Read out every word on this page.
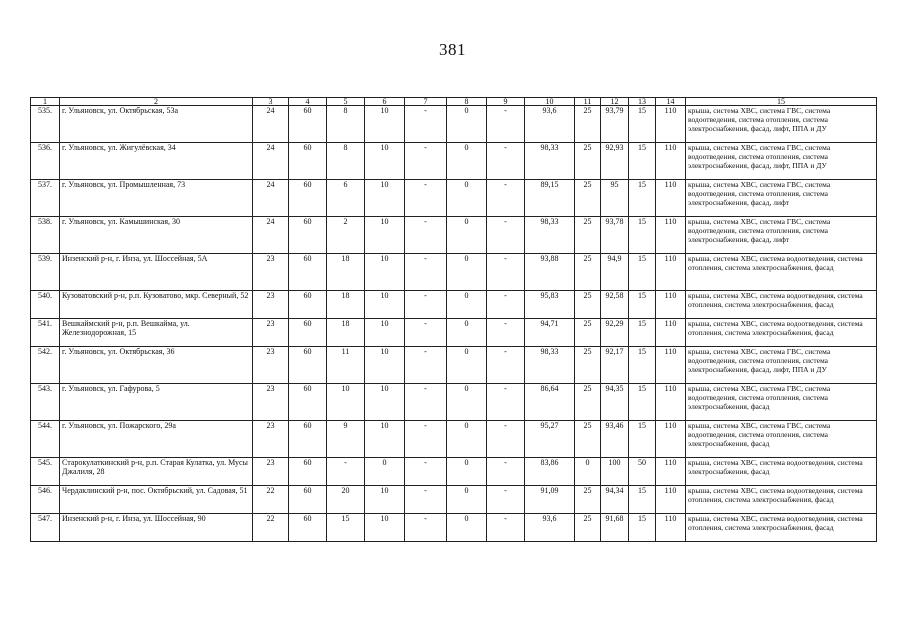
381
1	2	3	4	5	6	7	8	9	10	11	12	13	14	15
535.	г. Ульяновск, ул. Октябрьская, 53а	24	60	8	10	-	0	-	93,6	25	93,79	15	110	крыша, система ХВС, система ГВС, система водоотведения, система отопления, система электроснабжения, фасад, лифт, ППА и ДУ
536.	г. Ульяновск, ул. Жигулёвская, 34	24	60	8	10	-	0	-	98,33	25	92,93	15	110	крыша, система ХВС, система ГВС, система водоотведения, система отопления, система электроснабжения, фасад, лифт, ППА и ДУ
537.	г. Ульяновск, ул. Промышленная, 73	24	60	6	10	-	0	-	89,15	25	95	15	110	крыша, система ХВС, система ГВС, система водоотведения, система отопления, система электроснабжения, фасад, лифт
538.	г. Ульяновск, ул. Камышинская, 30	24	60	2	10	-	0	-	98,33	25	93,78	15	110	крыша, система ХВС, система ГВС, система водоотведения, система отопления, система электроснабжения, фасад, лифт
539.	Инзенский р-н, г. Инза, ул. Шоссейная, 5А	23	60	18	10	-	0	-	93,88	25	94,9	15	110	крыша, система ХВС, система водоотведения, система отопления, система электроснабжения, фасад
540.	Кузоватовский р-н, р.п. Кузоватово, мкр. Северный, 52	23	60	18	10	-	0	-	95,83	25	92,58	15	110	крыша, система ХВС, система водоотведения, система отопления, система электроснабжения, фасад
541.	Вешкаймский р-н, р.п. Вешкайма, ул. Железнодорожная, 15	23	60	18	10	-	0	-	94,71	25	92,29	15	110	крыша, система ХВС, система водоотведения, система отопления, система электроснабжения, фасад
542.	г. Ульяновск, ул. Октябрьская, 36	23	60	11	10	-	0	-	98,33	25	92,17	15	110	крыша, система ХВС, система ГВС, система водоотведения, система отопления, система электроснабжения, фасад, лифт, ППА и ДУ
543.	г. Ульяновск, ул. Гафурова, 5	23	60	10	10	-	0	-	86,64	25	94,35	15	110	крыша, система ХВС, система ГВС, система водоотведения, система отопления, система электроснабжения, фасад
544.	г. Ульяновск, ул. Пожарского, 29а	23	60	9	10	-	0	-	95,27	25	93,46	15	110	крыша, система ХВС, система ГВС, система водоотведения, система отопления, система электроснабжения, фасад
545.	Старокулаткинский р-н, р.п. Старая Кулатка, ул. Мусы Джалиля, 28	23	60	-	0	-	0	-	83,86	0	100	50	110	крыша, система ХВС, система водоотведения, система электроснабжения, фасад
546.	Чердаклинский р-н, пос. Октябрьский, ул. Садовая, 51	22	60	20	10	-	0	-	91,09	25	94,34	15	110	крыша, система ХВС, система водоотведения, система отопления, система электроснабжения, фасад
547.	Инзенский р-н, г. Инза, ул. Шоссейная, 90	22	60	15	10	-	0	-	93,6	25	91,68	15	110	крыша, система ХВС, система водоотведения, система отопления, система электроснабжения, фасад
